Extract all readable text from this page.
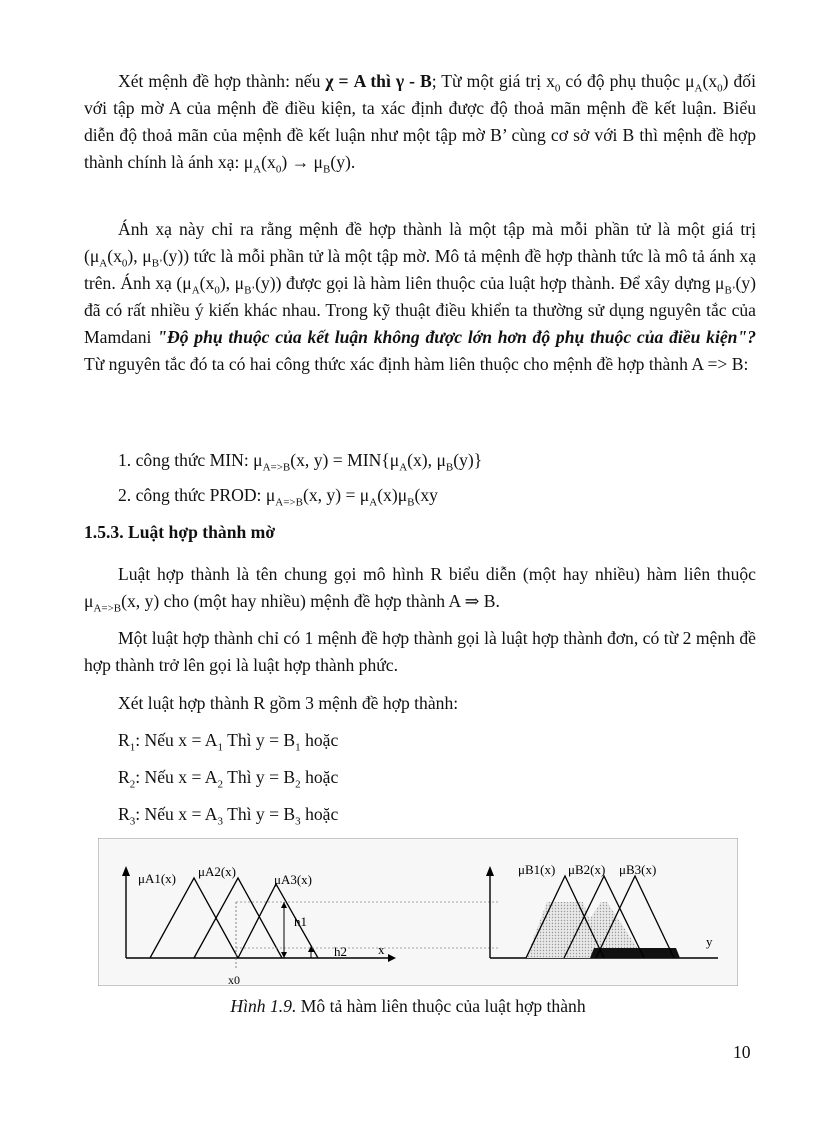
Xét mệnh đề hợp thành: nếu χ = A thì γ - B; Từ một giá trị $x_0$ có độ phụ thuộc $\mu_A(x_0)$ đối với tập mờ A của mệnh đề điều kiện, ta xác định được độ thoả mãn mệnh đề kết luận. Biểu diễn độ thoả mãn của mệnh đề kết luận như một tập mờ B’ cùng cơ sở với B thì mệnh đề hợp thành chính là ánh xạ: $\mu_A(x_0) \to \mu_B(y)$.

Ánh xạ này chỉ ra rằng mệnh đề hợp thành là một tập mà mỗi phần tử là một giá trị ($\mu_A(x_0)$, $\mu_{B’}(y)$) tức là mỗi phần tử là một tập mờ. Mô tả mệnh đề hợp thành tức là mô tả ánh xạ trên. Ánh xạ ($\mu_A(x_0)$, $\mu_{B’}(y)$) được gọi là hàm liên thuộc của luật hợp thành. Để xây dựng $\mu_{B’}(y)$ đã có rất nhiều ý kiến khác nhau. Trong kỹ thuật điều khiển ta thường sử dụng nguyên tắc của Mamdani "Độ phụ thuộc của kết luận không được lớn hơn độ phụ thuộc của điều kiện"? Từ nguyên tắc đó ta có hai công thức xác định hàm liên thuộc cho mệnh đề hợp thành A => B:

1. công thức MIN: $\mu_{A=>B}(x$, $y) = MIN\{\mu_A(x)$, $\mu_B(y)$}

2. công thức PROD: $\mu_{A=>B}(x$, $y) = \mu_A(x)\mu_B(xy$

1.5.3. Luật hợp thành mờ

Luật hợp thành là tên chung gọi mô hình R biểu diễn (một hay nhiều) hàm liên thuộc $\mu_{A=>B}(x$, y) cho (một hay nhiều) mệnh đề hợp thành A ⇒ B.

Một luật hợp thành chỉ có 1 mệnh đề hợp thành gọi là luật hợp thành đơn, có từ 2 mệnh đề hợp thành trở lên gọi là luật hợp thành phức.

Xét luật hợp thành R gồm 3 mệnh đề hợp thành:

$R_1$: Nếu $x = A_1$ Thì $y = B_1$ hoặc

$R_2$: Nếu $x = A_2$ Thì $y = B_2$ hoặc

$R_3$: Nếu $x = A_3$ Thì $y = B_3$ hoặc

μA1(x) μA2(x)
μA3(x)
h1
h2 x
x0
μB1(x) μB2(x) μB3(x)
y

Hình 1.9. Mô tả hàm liên thuộc của luật hợp thành

10
